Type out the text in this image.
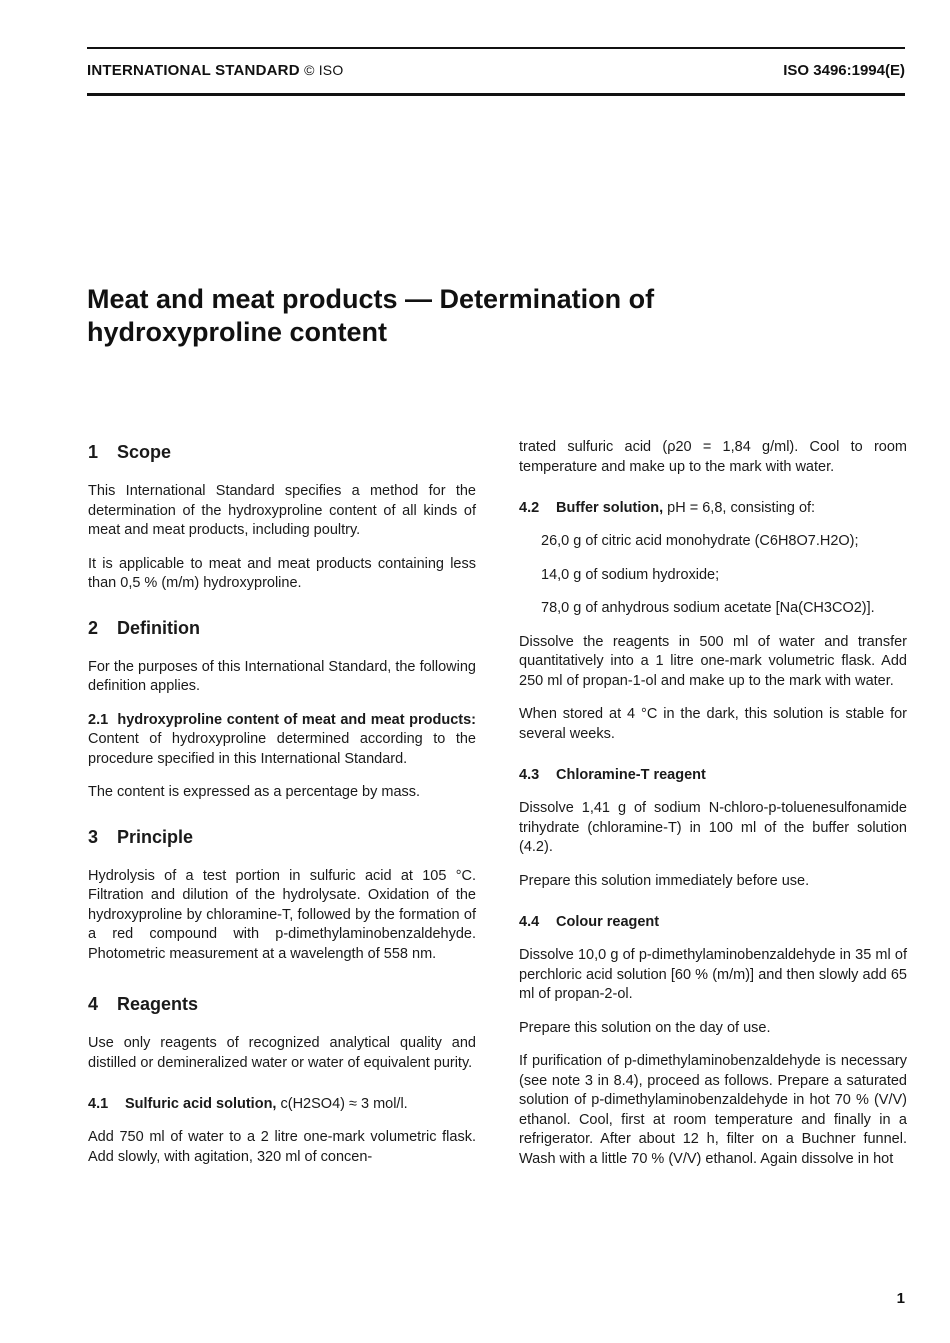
INTERNATIONAL STANDARD © ISO	ISO 3496:1994(E)
Meat and meat products — Determination of
hydroxyproline content
1 Scope

This International Standard specifies a method for the determination of the hydroxyproline content of all kinds of meat and meat products, including poultry.

It is applicable to meat and meat products containing less than 0,5 % (m/m) hydroxyproline.

2 Definition

For the purposes of this International Standard, the following definition applies.

2.1 hydroxyproline content of meat and meat products: Content of hydroxyproline determined according to the procedure specified in this International Standard.

The content is expressed as a percentage by mass.

3 Principle

Hydrolysis of a test portion in sulfuric acid at 105 °C. Filtration and dilution of the hydrolysate. Oxidation of the hydroxyproline by chloramine-T, followed by the formation of a red compound with p-dimethylaminobenzaldehyde. Photometric measurement at a wavelength of 558 nm.

4 Reagents

Use only reagents of recognized analytical quality and distilled or demineralized water or water of equivalent purity.

4.1 Sulfuric acid solution, c(H2SO4) ≈ 3 mol/l.

Add 750 ml of water to a 2 litre one-mark volumetric flask. Add slowly, with agitation, 320 ml of concen-

trated sulfuric acid (ρ20 = 1,84 g/ml). Cool to room temperature and make up to the mark with water.

4.2 Buffer solution, pH = 6,8, consisting of:

26,0 g of citric acid monohydrate (C6H8O7.H2O);

14,0 g of sodium hydroxide;

78,0 g of anhydrous sodium acetate [Na(CH3CO2)].

Dissolve the reagents in 500 ml of water and transfer quantitatively into a 1 litre one-mark volumetric flask. Add 250 ml of propan-1-ol and make up to the mark with water.

When stored at 4 °C in the dark, this solution is stable for several weeks.

4.3 Chloramine-T reagent

Dissolve 1,41 g of sodium N-chloro-p-toluenesulfonamide trihydrate (chloramine-T) in 100 ml of the buffer solution (4.2).

Prepare this solution immediately before use.

4.4 Colour reagent

Dissolve 10,0 g of p-dimethylaminobenzaldehyde in 35 ml of perchloric acid solution [60 % (m/m)] and then slowly add 65 ml of propan-2-ol.

Prepare this solution on the day of use.

If purification of p-dimethylaminobenzaldehyde is necessary (see note 3 in 8.4), proceed as follows. Prepare a saturated solution of p-dimethylaminobenzaldehyde in hot 70 % (V/V) ethanol. Cool, first at room temperature and finally in a refrigerator. After about 12 h, filter on a Buchner funnel. Wash with a little 70 % (V/V) ethanol. Again dissolve in hot

1
